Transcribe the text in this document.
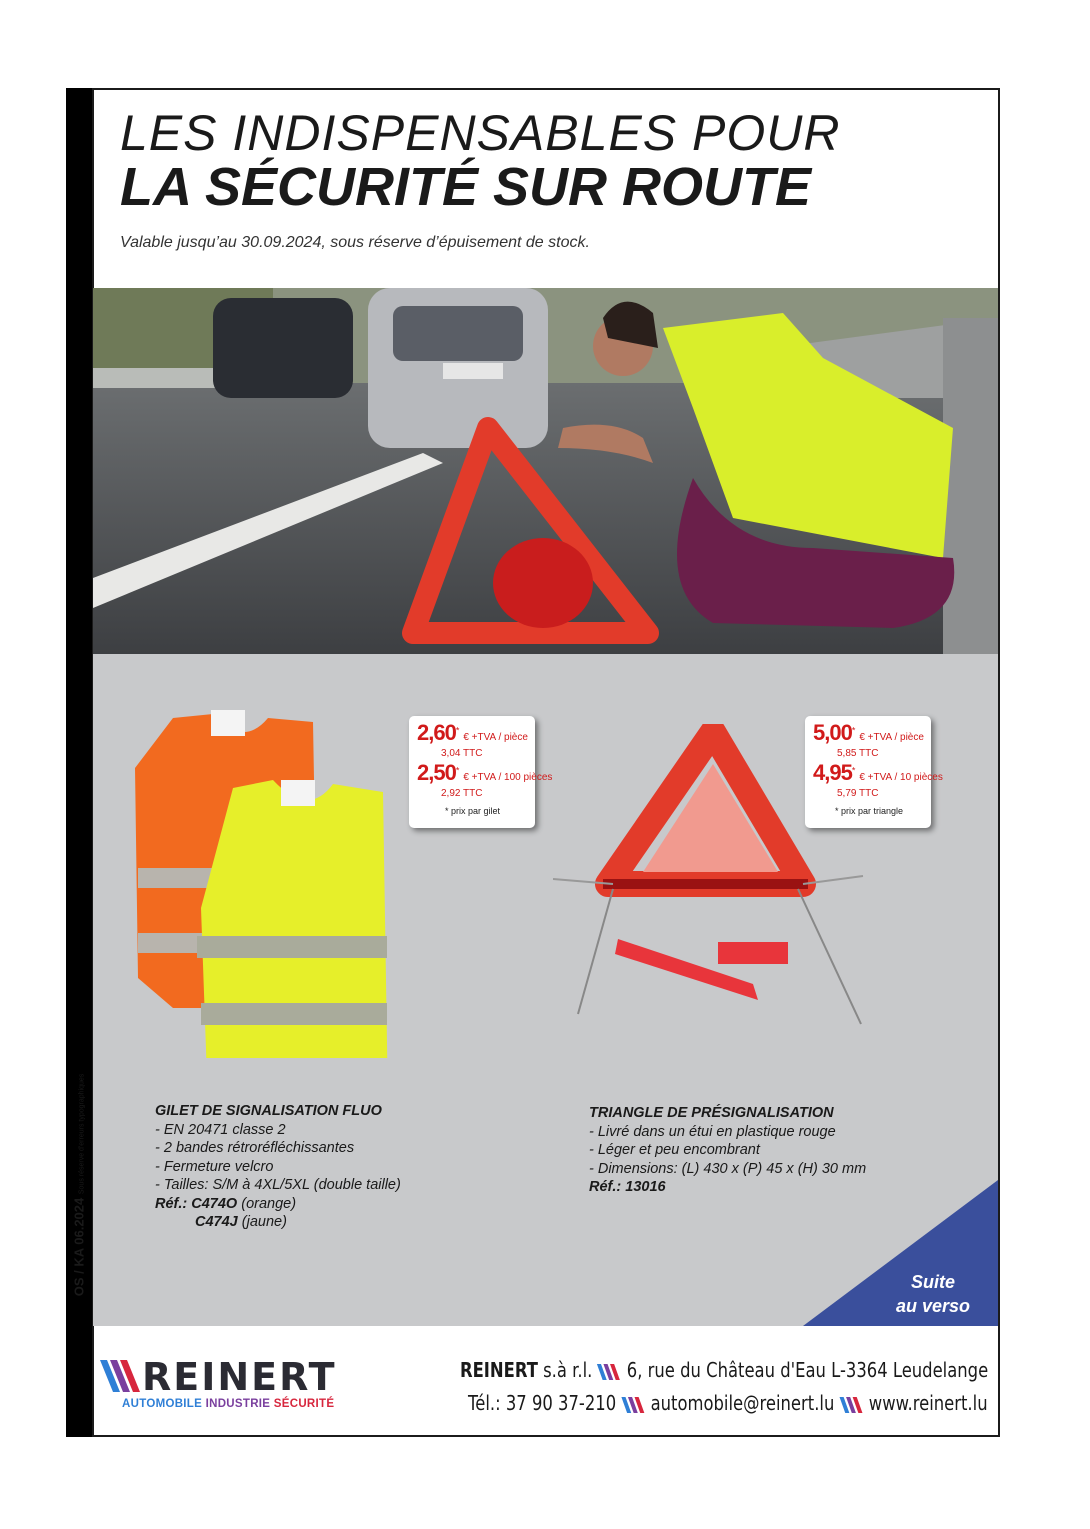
OS / KA 06.2024 Sous réserve d'erreurs typographiques
LES INDISPENSABLES POUR
LA SÉCURITÉ SUR ROUTE
Valable jusqu’au 30.09.2024, sous réserve d’épuisement de stock.
2,60*€ +TVA / pièce
3,04 TTC
2,50*€ +TVA / 100 pièces
2,92 TTC
* prix par gilet
5,00*€ +TVA / pièce
5,85 TTC
4,95*€ +TVA / 10 pièces
5,79 TTC
* prix par triangle
GILET DE SIGNALISATION FLUO
- EN 20471 classe 2
- 2 bandes rétroréfléchissantes
- Fermeture velcro
- Tailles: S/M à 4XL/5XL (double taille)
Réf.: C474O (orange)
C474J (jaune)
TRIANGLE DE PRÉSIGNALISATION
- Livré dans un étui en plastique rouge
- Léger et peu encombrant
- Dimensions: (L) 430 x (P) 45 x (H) 30 mm
Réf.: 13016
Suite
au verso
REINERT
AUTOMOBILE INDUSTRIE SÉCURITÉ
REINERT s.à r.l. 6, rue du Château d'Eau L-3364 Leudelange
Tél.: 37 90 37-210 automobile@reinert.lu www.reinert.lu
